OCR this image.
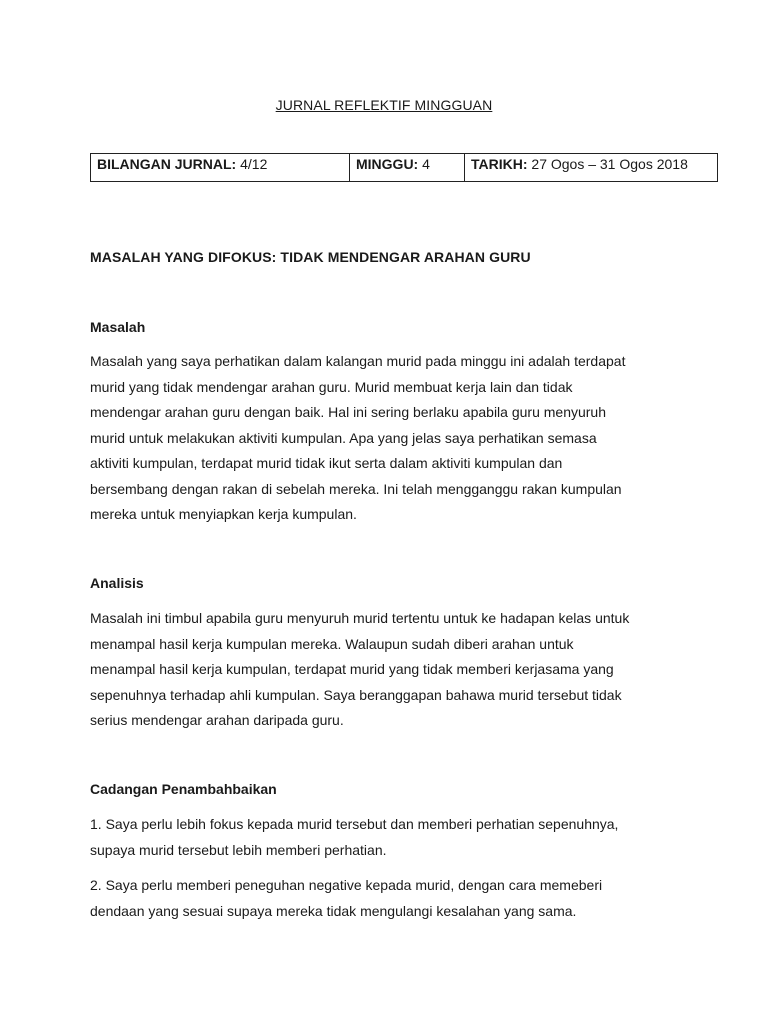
JURNAL REFLEKTIF MINGGUAN
BILANGAN JURNAL: 4/12	MINGGU: 4	TARIKH: 27 Ogos – 31 Ogos 2018
MASALAH YANG DIFOKUS: TIDAK MENDENGAR ARAHAN GURU
Masalah
Masalah yang saya perhatikan dalam kalangan murid pada minggu ini adalah terdapat
murid yang tidak mendengar arahan guru. Murid membuat kerja lain dan tidak
mendengar arahan guru dengan baik. Hal ini sering berlaku apabila guru menyuruh
murid untuk melakukan aktiviti kumpulan. Apa yang jelas saya perhatikan semasa
aktiviti kumpulan, terdapat murid tidak ikut serta dalam aktiviti kumpulan dan
bersembang dengan rakan di sebelah mereka. Ini telah mengganggu rakan kumpulan
mereka untuk menyiapkan kerja kumpulan.
Analisis
Masalah ini timbul apabila guru menyuruh murid tertentu untuk ke hadapan kelas untuk
menampal hasil kerja kumpulan mereka. Walaupun sudah diberi arahan untuk
menampal hasil kerja kumpulan, terdapat murid yang tidak memberi kerjasama yang
sepenuhnya terhadap ahli kumpulan. Saya beranggapan bahawa murid tersebut tidak
serius mendengar arahan daripada guru.
Cadangan Penambahbaikan
1. Saya perlu lebih fokus kepada murid tersebut dan memberi perhatian sepenuhnya,
supaya murid tersebut lebih memberi perhatian.
2. Saya perlu memberi peneguhan negative kepada murid, dengan cara memeberi
dendaan yang sesuai supaya mereka tidak mengulangi kesalahan yang sama.
